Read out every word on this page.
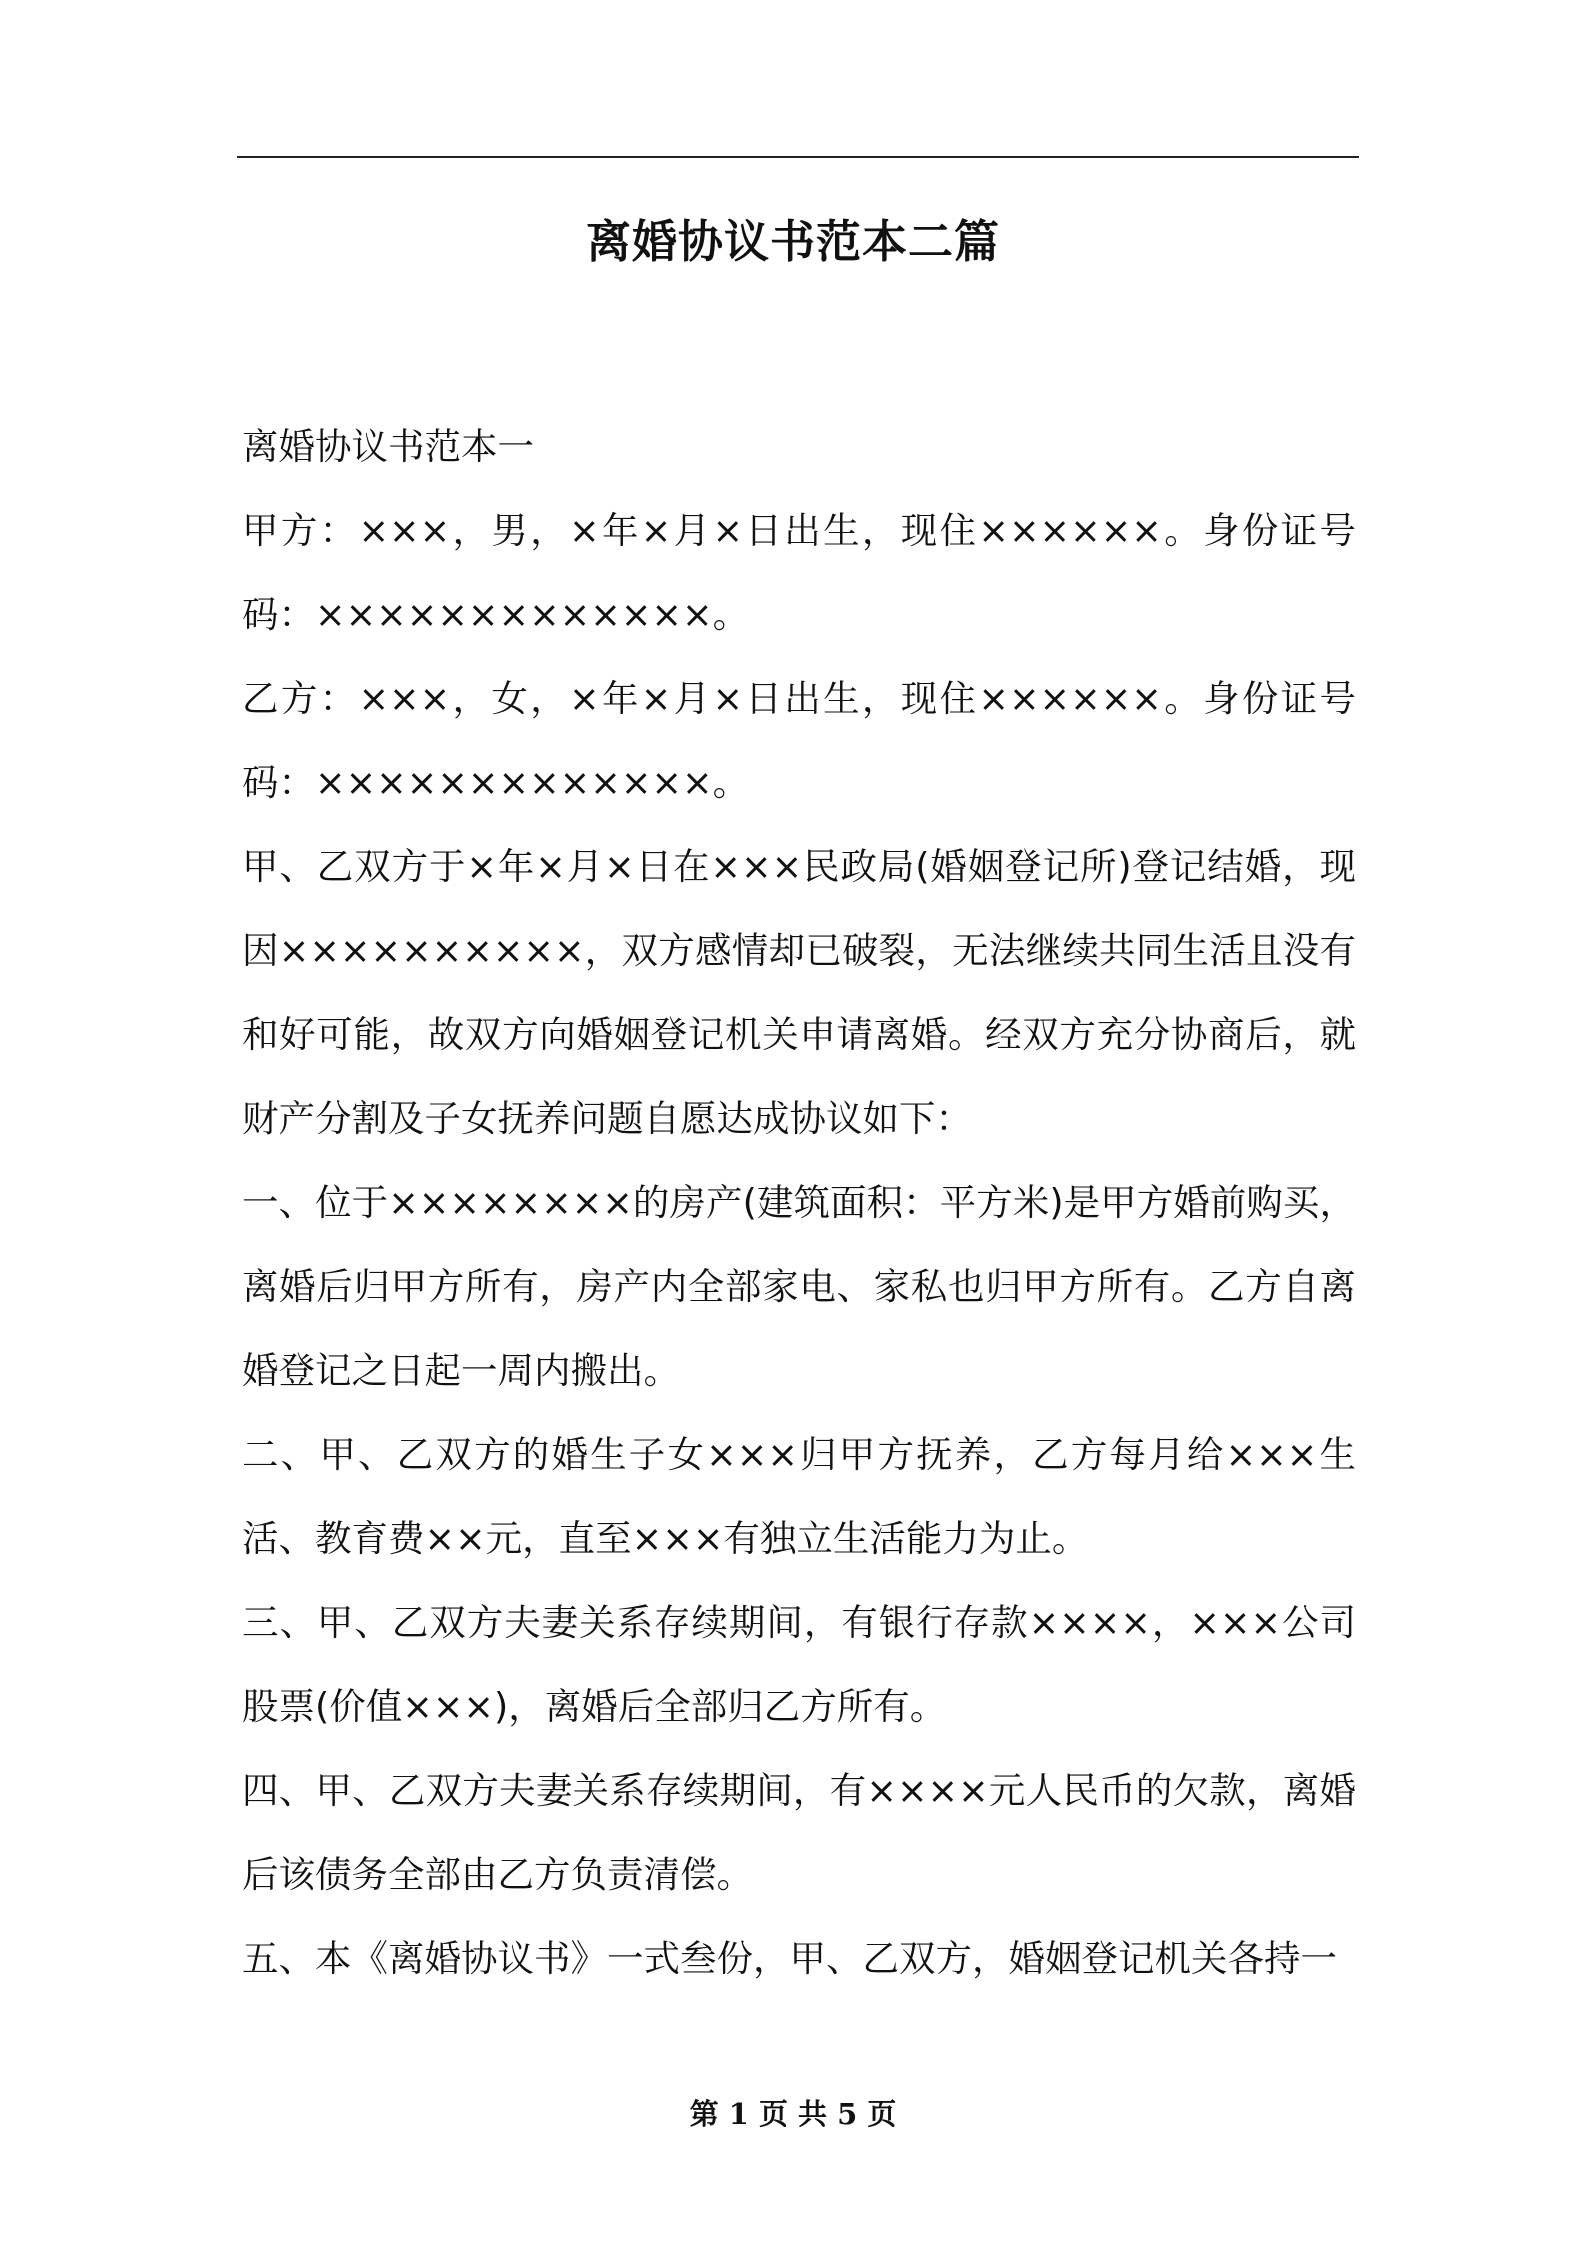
离婚协议书范本二篇

离婚协议书范本一

甲方：×××，男，×年×月×日出生，现住××××××。身份证号码：×××××××××××××。

乙方：×××，女，×年×月×日出生，现住××××××。身份证号码：×××××××××××××。

甲、乙双方于×年×月×日在×××民政局(婚姻登记所)登记结婚，现因××××××××××，双方感情却已破裂，无法继续共同生活且没有和好可能，故双方向婚姻登记机关申请离婚。经双方充分协商后，就财产分割及子女抚养问题自愿达成协议如下：

一、位于××××××××的房产(建筑面积：平方米)是甲方婚前购买，离婚后归甲方所有，房产内全部家电、家私也归甲方所有。乙方自离婚登记之日起一周内搬出。

二、甲、乙双方的婚生子女×××归甲方抚养，乙方每月给×××生活、教育费××元，直至×××有独立生活能力为止。

三、甲、乙双方夫妻关系存续期间，有银行存款××××，×××公司股票(价值×××)，离婚后全部归乙方所有。

四、甲、乙双方夫妻关系存续期间，有××××元人民币的欠款，离婚后该债务全部由乙方负责清偿。

五、本《离婚协议书》一式叁份，甲、乙双方，婚姻登记机关各持一

第 1 页 共 5 页
